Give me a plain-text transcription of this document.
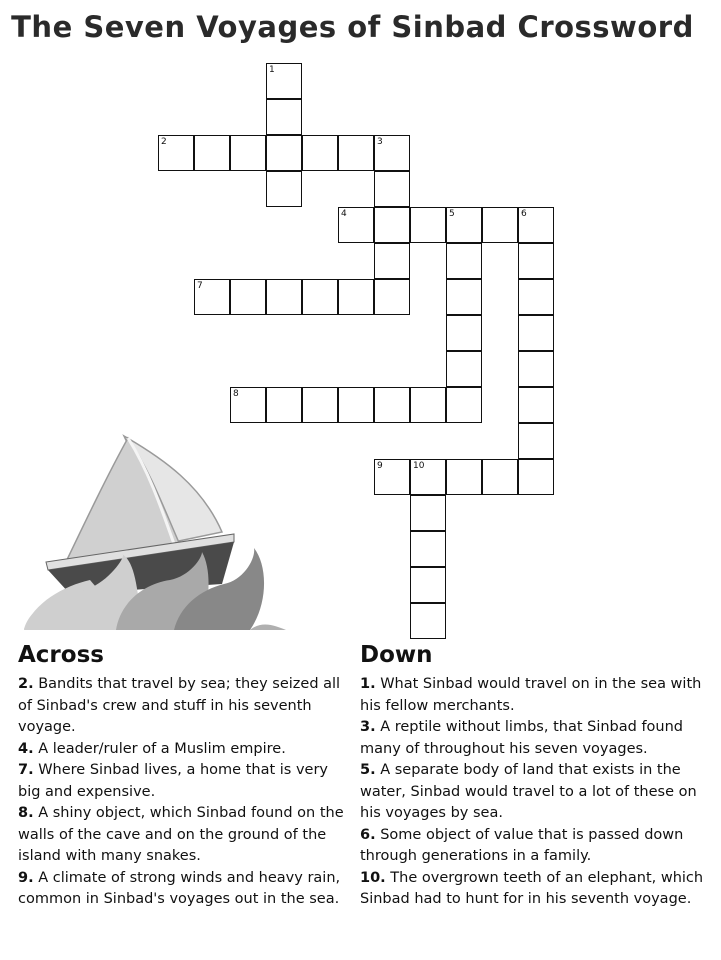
The Seven Voyages of Sinbad Crossword
1
2	3
4	5	6
7
8
9	10
Across

2. Bandits that travel by sea; they seized all of Sinbad's crew and stuff in his seventh voyage.

4. A leader/ruler of a Muslim empire.

7. Where Sinbad lives, a home that is very big and expensive.

8. A shiny object, which Sinbad found on the walls of the cave and on the ground of the island with many snakes.

9. A climate of strong winds and heavy rain, common in Sinbad's voyages out in the sea.

Down

1. What Sinbad would travel on in the sea with his fellow merchants.

3. A reptile without limbs, that Sinbad found many of throughout his seven voyages.

5. A separate body of land that exists in the water, Sinbad would travel to a lot of these on his voyages by sea.

6. Some object of value that is passed down through generations in a family.

10. The overgrown teeth of an elephant, which Sinbad had to hunt for in his seventh voyage.
